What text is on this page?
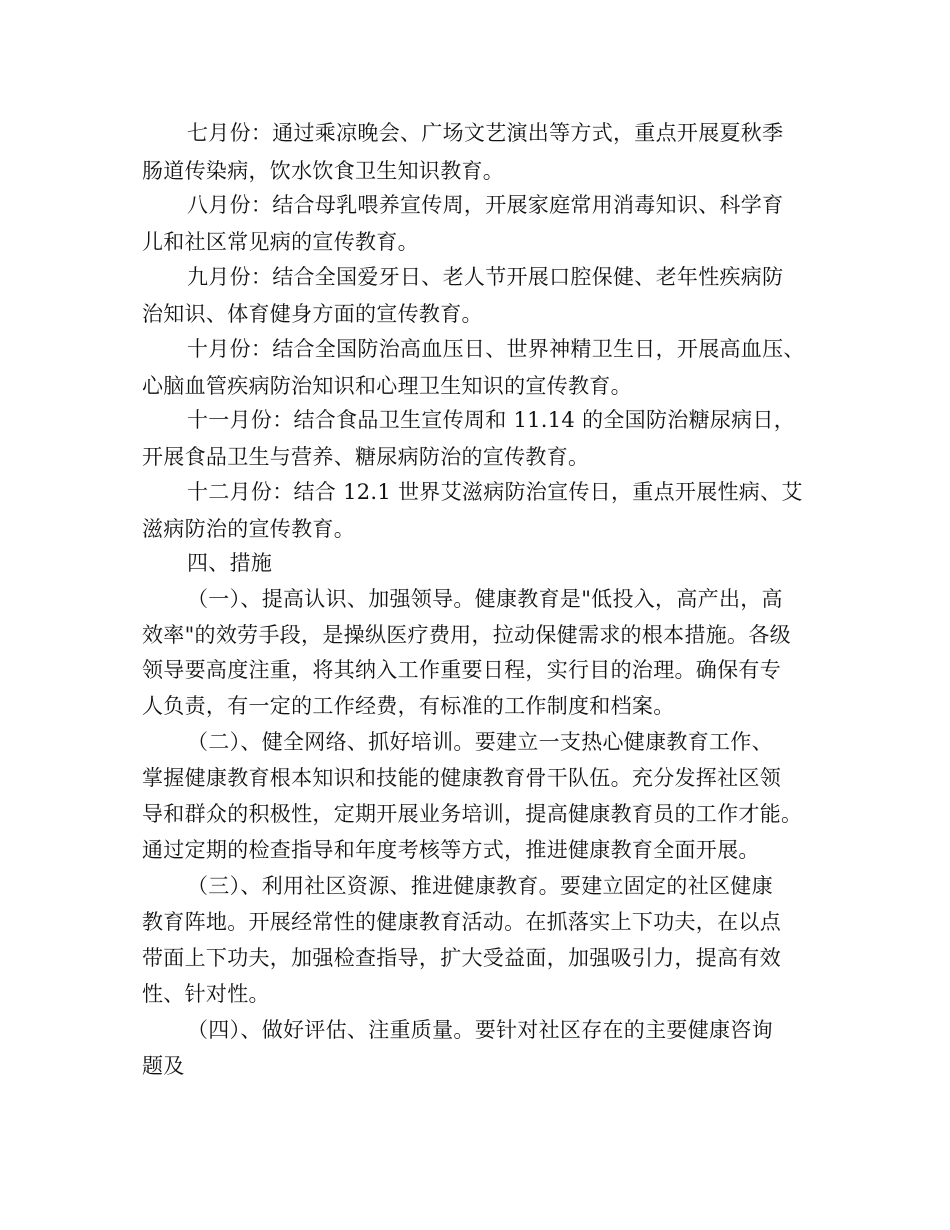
七月份：通过乘凉晚会、广场文艺演出等方式，重点开展夏秋季
肠道传染病，饮水饮食卫生知识教育。
八月份：结合母乳喂养宣传周，开展家庭常用消毒知识、科学育
儿和社区常见病的宣传教育。
九月份：结合全国爱牙日、老人节开展口腔保健、老年性疾病防
治知识、体育健身方面的宣传教育。
十月份：结合全国防治高血压日、世界神精卫生日，开展高血压、
心脑血管疾病防治知识和心理卫生知识的宣传教育。
十一月份：结合食品卫生宣传周和 11.14 的全国防治糖尿病日，
开展食品卫生与营养、糖尿病防治的宣传教育。
十二月份：结合 12.1 世界艾滋病防治宣传日，重点开展性病、艾
滋病防治的宣传教育。
四、措施
（一）、提高认识、加强领导。健康教育是"低投入，高产出，高
效率"的效劳手段，是操纵医疗费用，拉动保健需求的根本措施。各级
领导要高度注重，将其纳入工作重要日程，实行目的治理。确保有专
人负责，有一定的工作经费，有标准的工作制度和档案。
（二）、健全网络、抓好培训。要建立一支热心健康教育工作、
掌握健康教育根本知识和技能的健康教育骨干队伍。充分发挥社区领
导和群众的积极性，定期开展业务培训，提高健康教育员的工作才能。
通过定期的检查指导和年度考核等方式，推进健康教育全面开展。
（三）、利用社区资源、推进健康教育。要建立固定的社区健康
教育阵地。开展经常性的健康教育活动。在抓落实上下功夫，在以点
带面上下功夫，加强检查指导，扩大受益面，加强吸引力，提高有效
性、针对性。
（四）、做好评估、注重质量。要针对社区存在的主要健康咨询
题及
